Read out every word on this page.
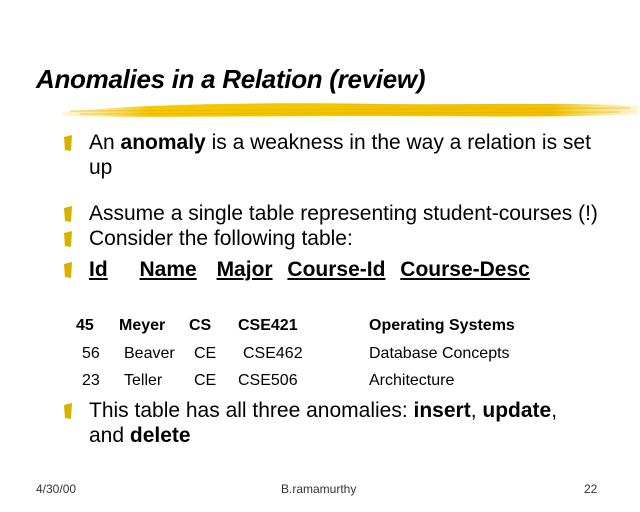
Anomalies in a Relation (review)
An anomaly is a weakness in the way a relation is set
up
Assume a single table representing student-courses (!)
Consider the following table:
Id Name Major Course-Id Course-Desc
45 Meyer CS CSE421	Operating Systems
56 Beaver CE CSE462	Database Concepts
23 Teller CE CSE506	Architecture
This table has all three anomalies: insert, update,
and delete
4/30/00	B.ramamurthy	22
